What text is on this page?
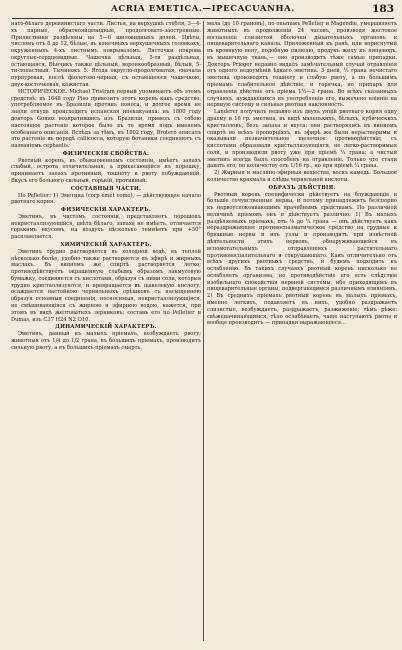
ACRIA EMETICA.—IPECACUANHA.	183

нато-бѣлаго деревянистаго части. Листья, на верхушкѣ стебля, 3—4-хъ парные, обратнояйцевидные, продолговато-заостренные. Прилистники раздѣлены на 5—6 шиловидныхъ долей. Цвѣты, числомъ отъ 8 до 12, бѣлые, въ конечныхъ верхушечныхъ головкахъ, окруженныхъ 4-хъ листнымъ покрываломъ. Листочки покрова округлые-сердцевидные. Чашечка цѣльная, 5-ти раздѣльная, остающаяся. Вѣнчикъ также цѣльный, воронкообразный, бѣлый, 5-ти-лопастный. Тычинокъ 5. Ягода округло-продолговатая, сначала пурпуровая, послѣ фіолетово-черная, съ остающеюся чашечкою, двух-косточковая, кожистая.

ИСТОРИЧЕСКОЕ. Michael Tristram первый упоминаетъ объ этомъ средствѣ; въ 1648 году Piso привозитъ этотъ корень какъ средство, употребляемое въ Бразиліи противъ поноса, и долгое время не знали откуда происходитъ испанская ипекакуанха: въ 1800 году докторъ Gomez возвратившись изъ Бразиліи, привезъ съ собою настоящее растеніе которое было въ то время подъ именемъ особеннаго описанія. Вслѣдъ за тѣмъ, въ 1802 году, Brotero описалъ это растеніе въ породѣ callicocca, которую ботаники соединяютъ съ названіемъ cephaelis.

ФИЗИЧЕСКІЯ СВОЙСТВА.

Рвотный корень, въ обыкновенномъ состояніи, имѣетъ запахъ слабый, острота отличительная, а прикасающійся къ порошку, принимаетъ запахъ противный, тошноту и рвоту побуждающій. Вкусъ его больного сильный, горькій, противный.

СОСТАВНЫЯ ЧАСТИ.

По Pelletier: 1) Эметина (corp émét vomo), — дѣйствующее начало рвотнаго корня.

ФИЗИЧЕСКІЯ ХАРАКТЕРЪ.

Эметинъ, въ чистомъ состояніи, представляетъ порошокъ некристаллизующійся, цвѣта бѣлаго, запаха не имѣетъ, отличается горькимъ вкусомъ, на воздухъ нѣсколько темнѣетъ при +50° расплавляется.

ХИМИЧЕСКІЙ ХАРАКТЕРЪ.

Эметинъ трудно растворяется въ холодной водѣ, въ теплой нѣсколько болѣе, удобно также растворяется въ эфирѣ и жирныхъ маслахъ. Въ винномъ же спиртѣ растворяется легко; противодѣйствуетъ окрашенную слабымъ образомъ лакмусовую бумажку, соединяется съ кислотами, образуя съ ними соли, которыя трудно кристаллизуются, и превращается въ щавелевую кислоту; осаждается настойкою чернильныхъ орѣшковъ съ насыщенною образуя основныя соединенія, несносимыя, некристаллизующіяся, не смѣшивающіяся съ жирною и эфирною водою, кажется, при этомъ въ видѣ желтоватыхъ зерниковъ; составъ его по Pelletier и Dumas, изъ C37 H24 N2 O10.

ДИНАМИЧЕСКІЙ ХАРАКТЕРЪ.

Эметинъ, данный въ малыхъ пріемахъ, возбуждаетъ рвоту; животныя отъ 1/4 до 1/2 грана, въ большихъ пріемахъ, производитъ сильную рвоту, а въ большихъ пріемахъ смерть.

мала (до 10 грановъ), по опытамъ Pelletier и Magendie, умерщвляетъ животныхъ въ продолженіи 24 часовъ, производя жестокое воспаленіе слизистой оболочки дыхательныхъ органовъ и пищеварительнаго канала. Приложенный къ ранѣ, или вприснутый въ кровяную вену, подобную пилюлю, продукъ жилу къ пищеводъ, въ мышечную ткань,— оно производитъ тѣже самые припадки. Докторъ Prieger недавно видалъ замѣчательный случай отравленія отъ одного недоумѣній ѣдкаго эметина. 3 дней, ½ грана нечистаго эметина производятъ тошноту и слабую рвоту, а по большимъ пріемамъ слабительное дѣйствіе, и горячка, но припаръ для отравленія дѣйствіе отъ пріема 1½—2 грана. Во всѣхъ сказанныхъ случаяхъ, нуждающихся въ употребленіи его, выжечено вліяніе на нервную систему и сильная рвотная наклонность.

Landerer получилъ недавно изъ двухъ унцій рвотнаго корня одну драхму и 16 гр. эметина, въ видѣ маленькихъ, бѣлыхъ, кубическихъ кристалловъ, безъ запаха и вкуса; они растворялись въ винномъ спиртѣ во всѣхъ пропорціяхъ, въ эфирѣ же были нерастворимы и оказывали незначительное щелочное противодѣйствіе; съ кислотами образовали кристаллизующіяся, не легко-растворимыя соли, и производили рвоту уже при пріемѣ ¼ грана; а чистый эметинъ всегда былъ способенъ на отравленіе. Только что стали давать его, по количеству отъ 1/16 гр., но при пріемѣ ¼ грана.

2) Жирныя и масляно-эфирныя вещества, воскъ камедь. Большое количество крахмала и слѣды черняльной кислоты.

ОБРАЗЪ ДѢЙСТВІЯ.

Рвотный корень специфически дѣйствуетъ на блуждающіе и большіе сочувственные нервы, и потому принадлежитъ безспорно къ нервоуспокоивающимъ врачебнымъ средствамъ. По различной величинѣ пріемовъ онъ и дѣйствуетъ различно: 1) Въ малыхъ раздѣляемыхъ пріемахъ, отъ ⅛ до ¼ грана — онъ дѣйствуетъ какъ нераздражающее противоспазматическое средство на грудные и брюшные нервы и ихъ узлы и производитъ при извѣстной дѣятельности этихъ нервовъ, обнаруживающейся въ вспомогательныхъ отправленіяхъ растительнаго противовоспалительнаго и сокрушающаго. Какъ отличительно отъ всѣхъ другихъ рвотныхъ средствъ, и будемъ подходить къ ослабленію. Въ такихъ случаяхъ рвотный корень нисколько не ослабляетъ организма, но противодѣйствіе его есть слѣдствіе изобильнаго спокойствія нервной системы, ибо приходящимъ въ пищеварительные органы, подвергающимся различнымъ влияніямъ. 2) Въ среднихъ пріемахъ рвотный корень въ малыхъ пріемахъ, именно легкихъ, подавляетъ въ нихъ, удобно раздражаетъ слизистые, возбуждаетъ, раздражаетъ, разжиженіе; тѣмъ рѣже: свѣженачинающимся, тѣло ослабѣваетъ, чаще наступаютъ рвоты и вообще производитъ — припадки выражающіеся...
